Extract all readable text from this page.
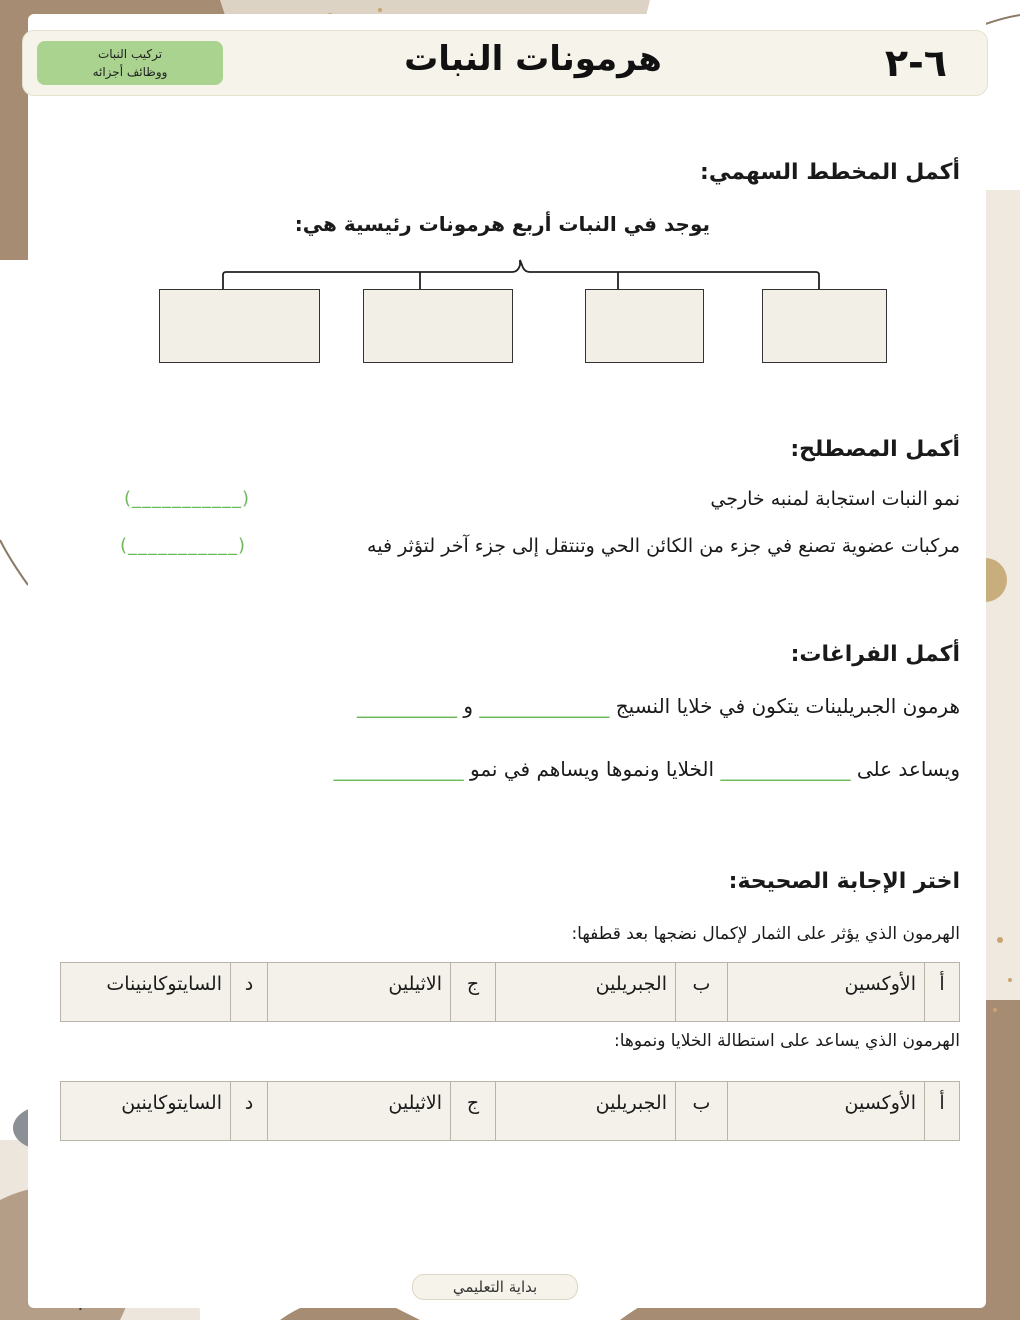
٦-٢
هرمونات النبات
تركيب النبات
ووظائف أجزائه
أكمل المخطط السهمي:
يوجد في النبات أربع هرمونات رئيسية هي:
أكمل المصطلح:
نمو النبات استجابة لمنبه خارجي
(___________)
مركبات عضوية تصنع في جزء من الكائن الحي وتنتقل إلى جزء آخر لتؤثر فيه
(___________)
أكمل الفراغات:
هرمون الجبريلينات يتكون في خلايا النسيج _____________ و __________
ويساعد على _____________ الخلايا ونموها ويساهم في نمو _____________
اختر الإجابة الصحيحة:
الهرمون الذي يؤثر على الثمار لإكمال نضجها بعد قطفها:
أ	الأوكسين	ب	الجبريلين	ج	الاثيلين	د	السايتوكاينينات
الهرمون الذي يساعد على استطالة الخلايا ونموها:
أ	الأوكسين	ب	الجبريلين	ج	الاثيلين	د	السايتوكاينين
بداية التعليمي
